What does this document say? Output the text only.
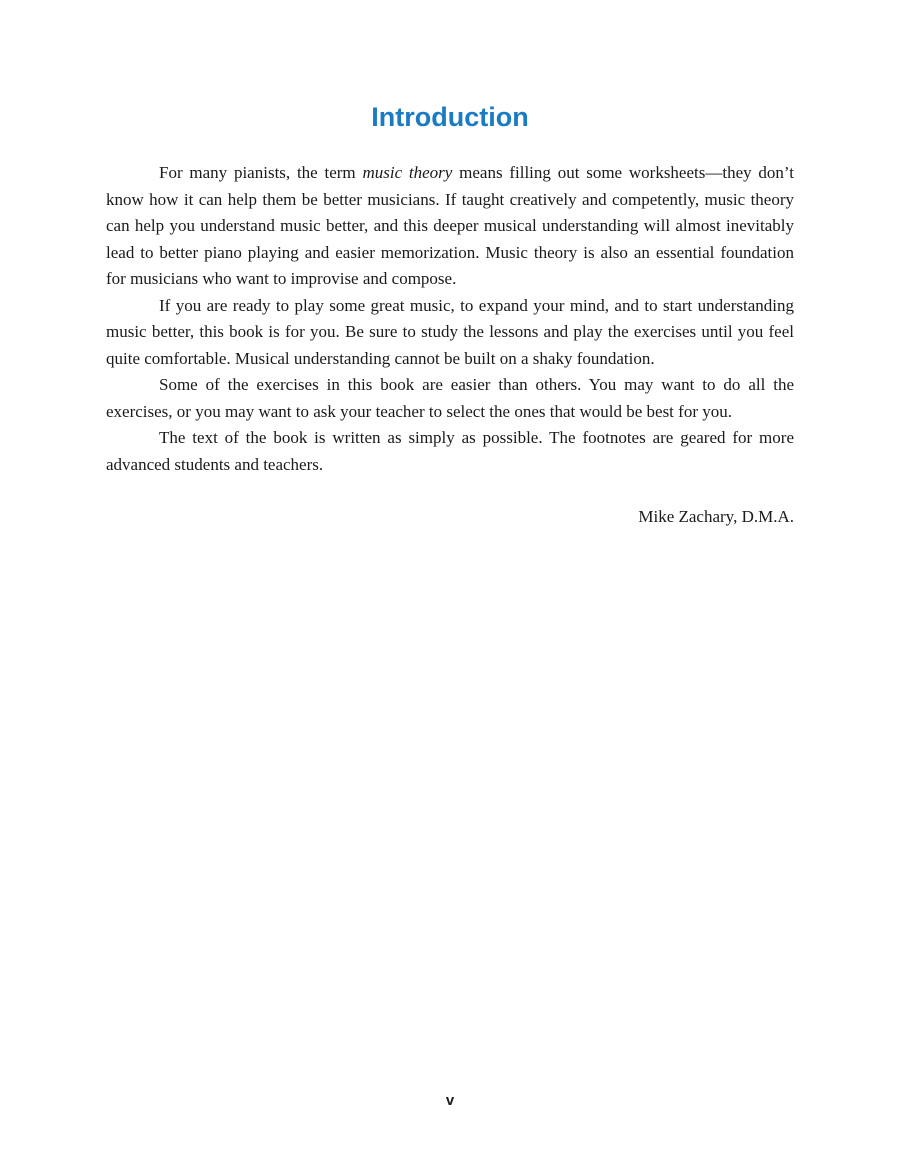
Introduction

For many pianists, the term music theory means filling out some worksheets—they don’t know how it can help them be better musicians. If taught creatively and competently, music theory can help you understand music better, and this deeper musical understanding will almost inevitably lead to better piano playing and easier memorization. Music theory is also an essential foundation for musicians who want to improvise and compose.

If you are ready to play some great music, to expand your mind, and to start understanding music better, this book is for you. Be sure to study the lessons and play the exercises until you feel quite comfortable. Musical understanding cannot be built on a shaky foundation.

Some of the exercises in this book are easier than others. You may want to do all the exercises, or you may want to ask your teacher to select the ones that would be best for you.

The text of the book is written as simply as possible. The footnotes are geared for more advanced students and teachers.

Mike Zachary, D.M.A.
v
